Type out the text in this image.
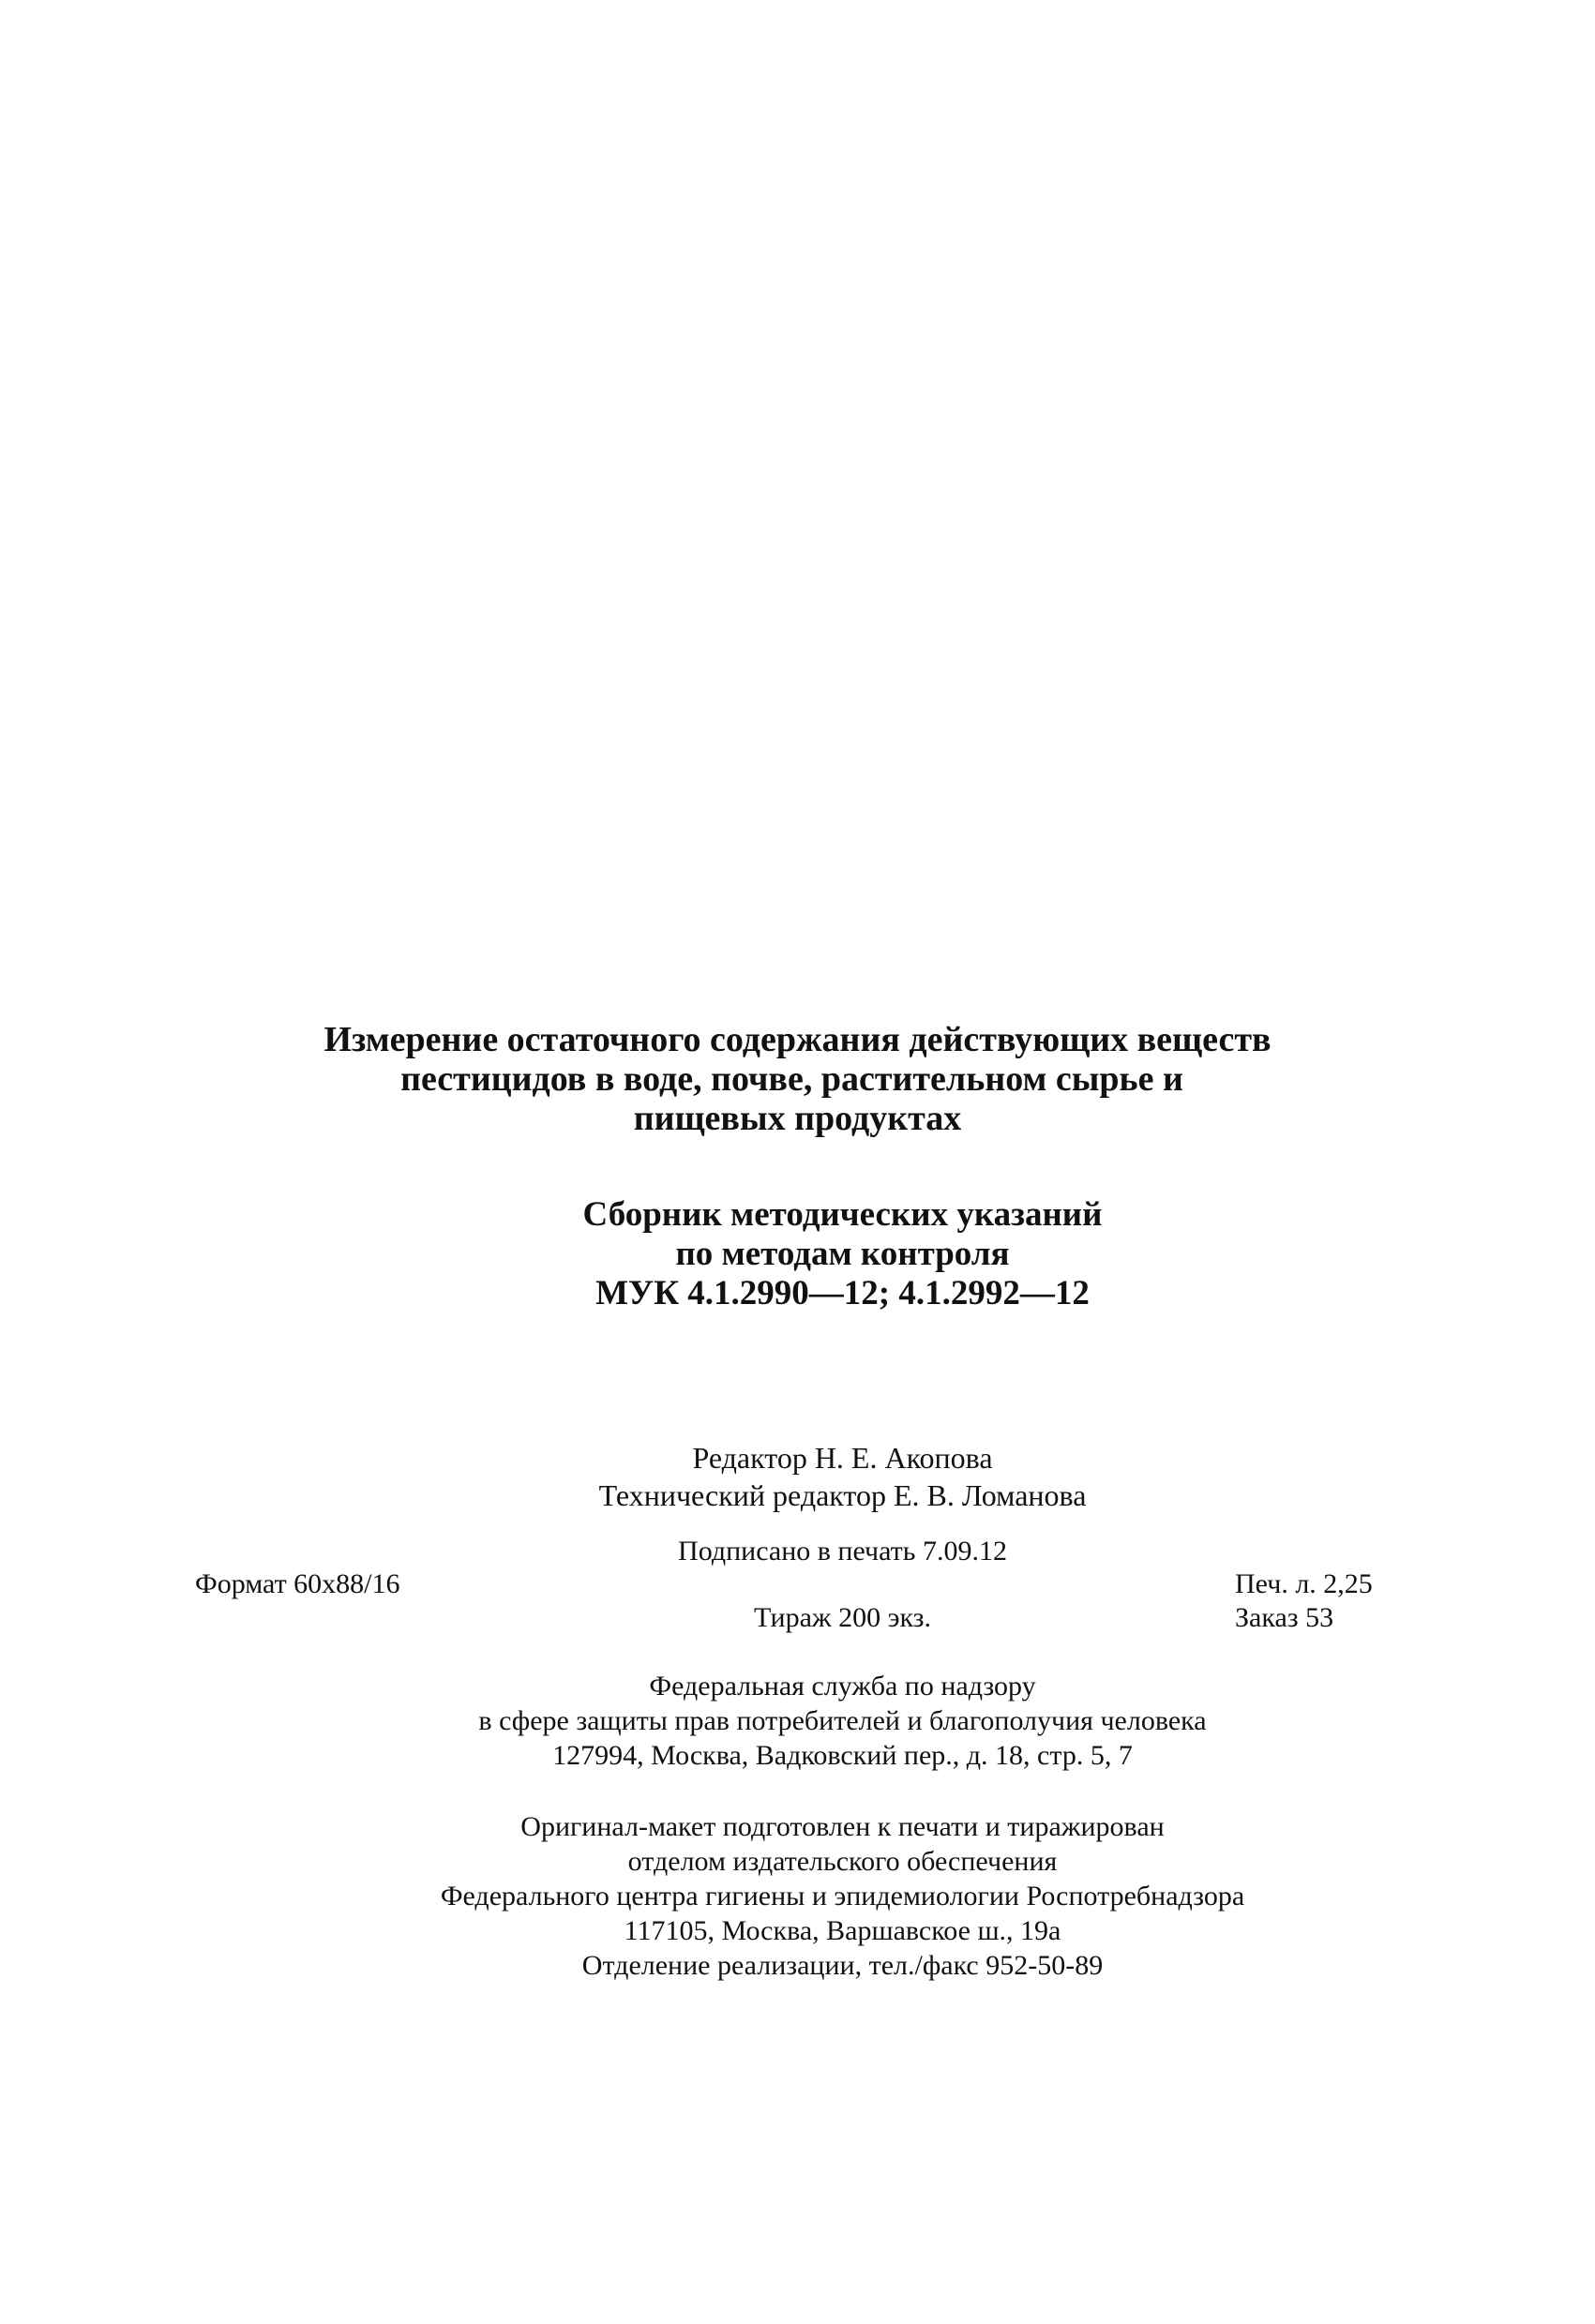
Измерение остаточного содержания действующих веществ
пестицидов в воде, почве, растительном сырье и
пищевых продуктах
Сборник методических указаний
по методам контроля
МУК 4.1.2990—12; 4.1.2992—12
Редактор Н. Е. Акопова
Технический редактор Е. В. Ломанова
Подписано в печать 7.09.12
Формат 60x88/16	Печ. л. 2,25
Тираж 200 экз.	Заказ 53
Федеральная служба по надзору
в сфере защиты прав потребителей и благополучия человека
127994, Москва, Вадковский пер., д. 18, стр. 5, 7
Оригинал-макет подготовлен к печати и тиражирован
отделом издательского обеспечения
Федерального центра гигиены и эпидемиологии Роспотребнадзора
117105, Москва, Варшавское ш., 19а
Отделение реализации, тел./факс 952-50-89
